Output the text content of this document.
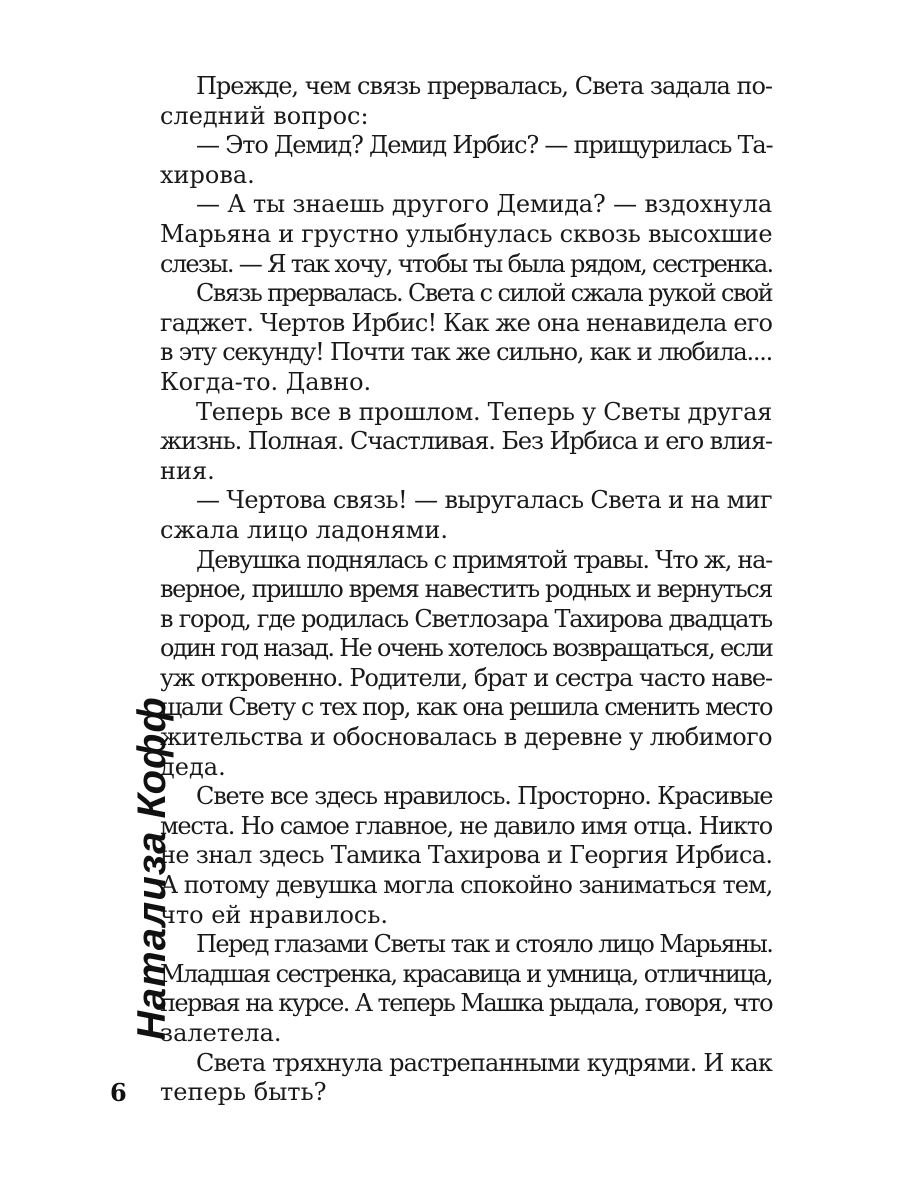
Прежде, чем связь прервалась, Света задала по-
следний вопрос:
— Это Демид? Демид Ирбис? — прищурилась Та-
хирова.
— А ты знаешь другого Демида? — вздохнула
Марьяна и грустно улыбнулась сквозь высохшие
слезы. — Я так хочу, чтобы ты была рядом, сестренка.
Связь прервалась. Света с силой сжала рукой свой
гаджет. Чертов Ирбис! Как же она ненавидела его
в эту секунду! Почти так же сильно, как и любила....
Когда-то. Давно.
Теперь все в прошлом. Теперь у Светы другая
жизнь. Полная. Счастливая. Без Ирбиса и его влия-
ния.
— Чертова связь! — выругалась Света и на миг
сжала лицо ладонями.
Девушка поднялась с примятой травы. Что ж, на-
верное, пришло время навестить родных и вернуться
в город, где родилась Светлозара Тахирова двадцать
один год назад. Не очень хотелось возвращаться, если
уж откровенно. Родители, брат и сестра часто наве-
щали Свету с тех пор, как она решила сменить место
жительства и обосновалась в деревне у любимого
деда.
Свете все здесь нравилось. Просторно. Красивые
места. Но самое главное, не давило имя отца. Никто
не знал здесь Тамика Тахирова и Георгия Ирбиса.
А потому девушка могла спокойно заниматься тем,
что ей нравилось.
Перед глазами Светы так и стояло лицо Марьяны.
Младшая сестренка, красавица и умница, отличница,
первая на курсе. А теперь Машка рыдала, говоря, что
залетела.
Света тряхнула растрепанными кудрями. И как
теперь быть?
Натализа Кофф
6
